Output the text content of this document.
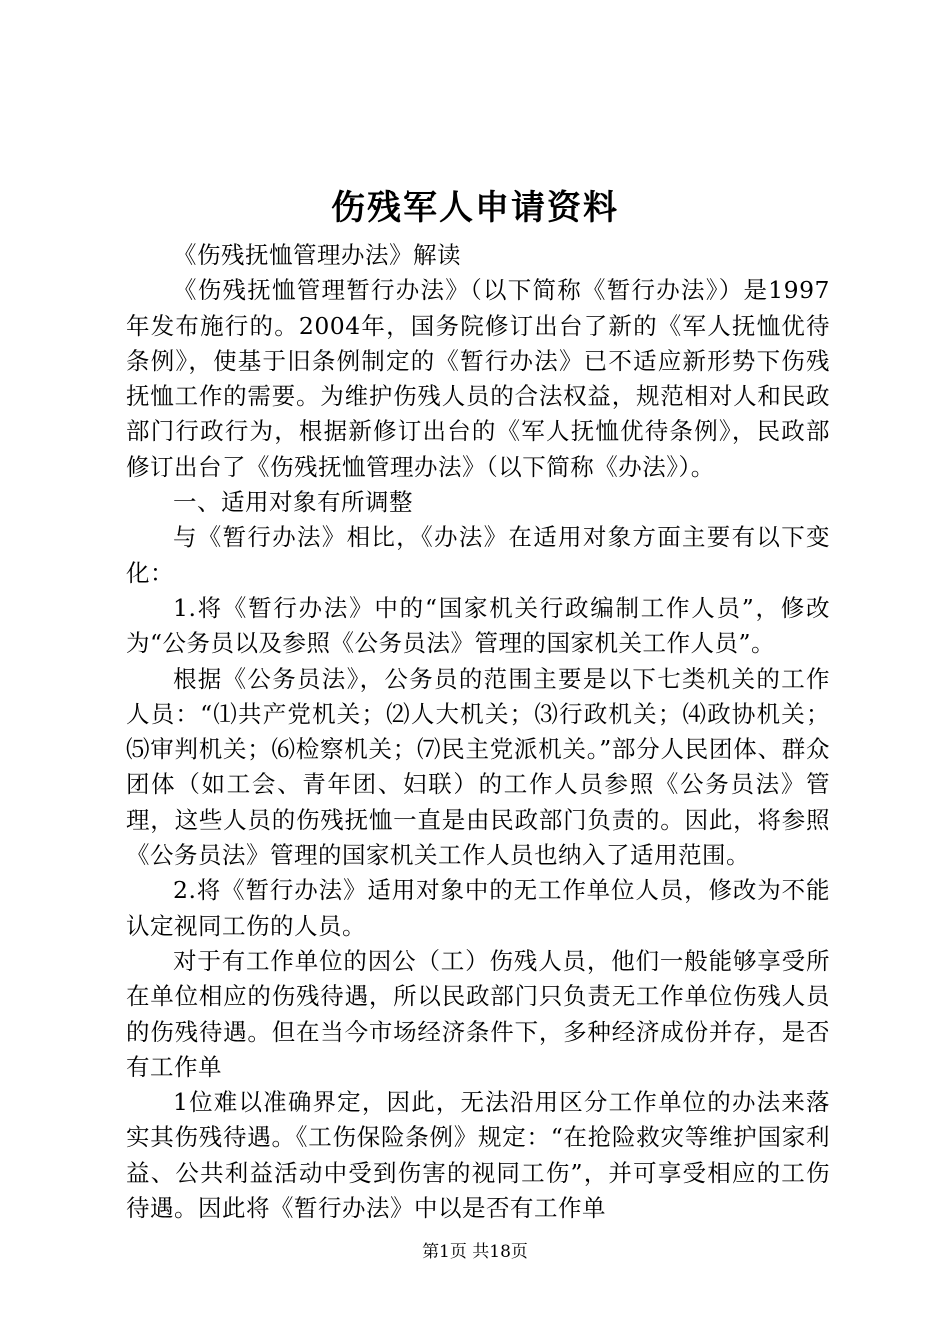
伤残军人申请资料

《伤残抚恤管理办法》解读

《伤残抚恤管理暂行办法》（以下简称《暂行办法》）是1997年发布施行的。2004年，国务院修订出台了新的《军人抚恤优待条例》，使基于旧条例制定的《暂行办法》已不适应新形势下伤残抚恤工作的需要。为维护伤残人员的合法权益，规范相对人和民政部门行政行为，根据新修订出台的《军人抚恤优待条例》，民政部修订出台了《伤残抚恤管理办法》（以下简称《办法》）。

一、适用对象有所调整

与《暂行办法》相比，《办法》在适用对象方面主要有以下变化：

1.将《暂行办法》中的“国家机关行政编制工作人员”，修改为“公务员以及参照《公务员法》管理的国家机关工作人员”。

根据《公务员法》，公务员的范围主要是以下七类机关的工作人员：“⑴共产党机关；⑵人大机关；⑶行政机关；⑷政协机关；⑸审判机关；⑹检察机关；⑺民主党派机关。”部分人民团体、群众团体（如工会、青年团、妇联）的工作人员参照《公务员法》管理，这些人员的伤残抚恤一直是由民政部门负责的。因此，将参照《公务员法》管理的国家机关工作人员也纳入了适用范围。

2.将《暂行办法》适用对象中的无工作单位人员，修改为不能认定视同工伤的人员。

对于有工作单位的因公（工）伤残人员，他们一般能够享受所在单位相应的伤残待遇，所以民政部门只负责无工作单位伤残人员的伤残待遇。但在当今市场经济条件下，多种经济成份并存，是否有工作单

1位难以准确界定，因此，无法沿用区分工作单位的办法来落实其伤残待遇。《工伤保险条例》规定：“在抢险救灾等维护国家利益、公共利益活动中受到伤害的视同工伤”，并可享受相应的工伤待遇。因此将《暂行办法》中以是否有工作单

第1页 共18页
